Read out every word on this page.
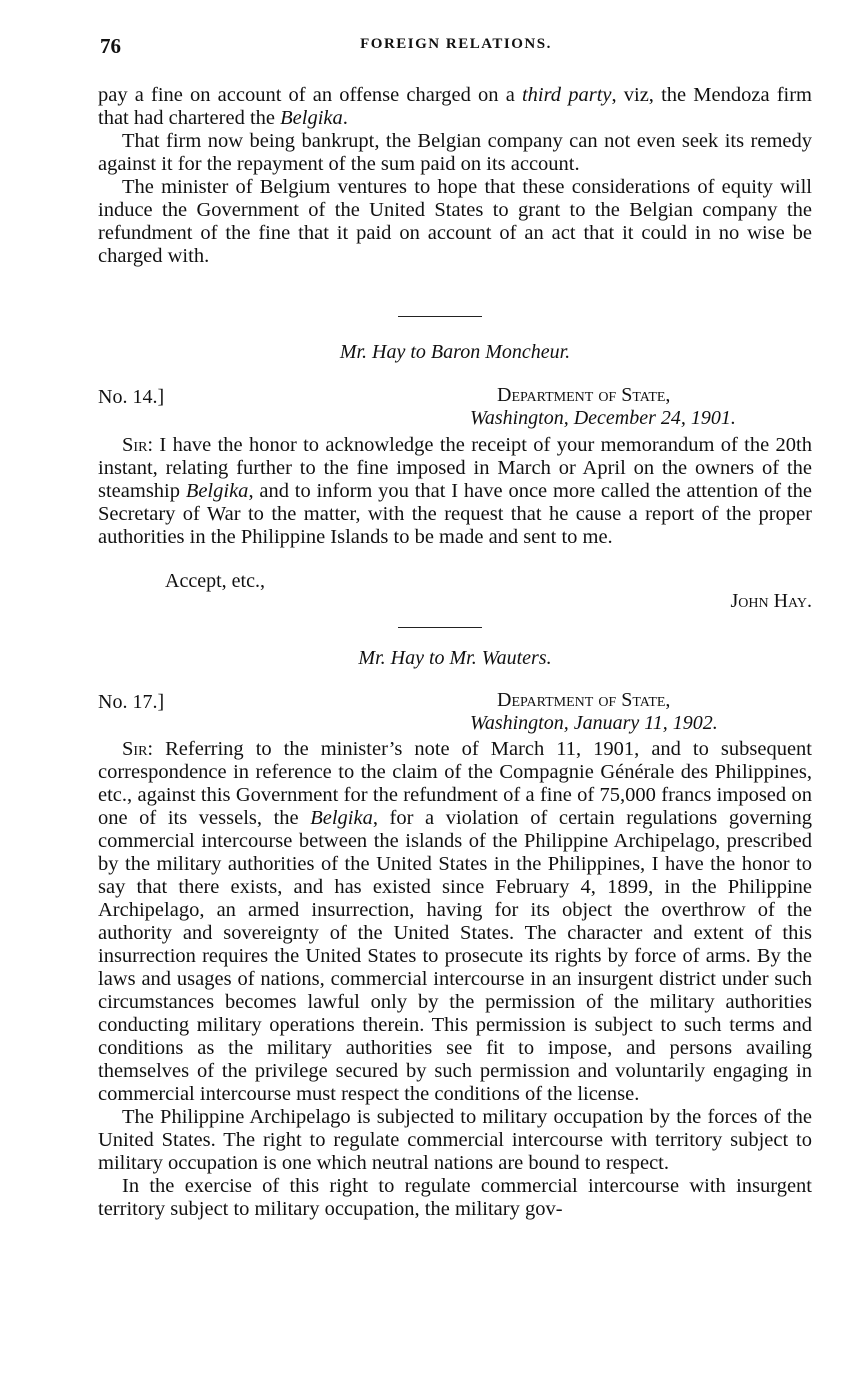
76	FOREIGN RELATIONS.

pay a fine on account of an offense charged on a third party, viz, the Mendoza firm that had chartered the Belgika.

That firm now being bankrupt, the Belgian company can not even seek its remedy against it for the repayment of the sum paid on its account.

The minister of Belgium ventures to hope that these considerations of equity will induce the Government of the United States to grant to the Belgian company the refundment of the fine that it paid on account of an act that it could in no wise be charged with.

Mr. Hay to Baron Moncheur.
No. 14.]	Department of State,
Washington, December 24, 1901.

Sir: I have the honor to acknowledge the receipt of your memorandum of the 20th instant, relating further to the fine imposed in March or April on the owners of the steamship Belgika, and to inform you that I have once more called the attention of the Secretary of War to the matter, with the request that he cause a report of the proper authorities in the Philippine Islands to be made and sent to me.

Accept, etc.,
John Hay.
Mr. Hay to Mr. Wauters.
No. 17.]	Department of State,
Washington, January 11, 1902.

Sir: Referring to the minister’s note of March 11, 1901, and to subsequent correspondence in reference to the claim of the Compagnie Générale des Philippines, etc., against this Government for the refundment of a fine of 75,000 francs imposed on one of its vessels, the Belgika, for a violation of certain regulations governing commercial intercourse between the islands of the Philippine Archipelago, prescribed by the military authorities of the United States in the Philippines, I have the honor to say that there exists, and has existed since February 4, 1899, in the Philippine Archipelago, an armed insurrection, having for its object the overthrow of the authority and sovereignty of the United States. The character and extent of this insurrection requires the United States to prosecute its rights by force of arms. By the laws and usages of nations, commercial intercourse in an insurgent district under such circumstances becomes lawful only by the permission of the military authorities conducting military operations therein. This permission is subject to such terms and conditions as the military authorities see fit to impose, and persons availing themselves of the privilege secured by such permission and voluntarily engaging in commercial intercourse must respect the conditions of the license.

The Philippine Archipelago is subjected to military occupation by the forces of the United States. The right to regulate commercial intercourse with territory subject to military occupation is one which neutral nations are bound to respect.

In the exercise of this right to regulate commercial intercourse with insurgent territory subject to military occupation, the military gov-
